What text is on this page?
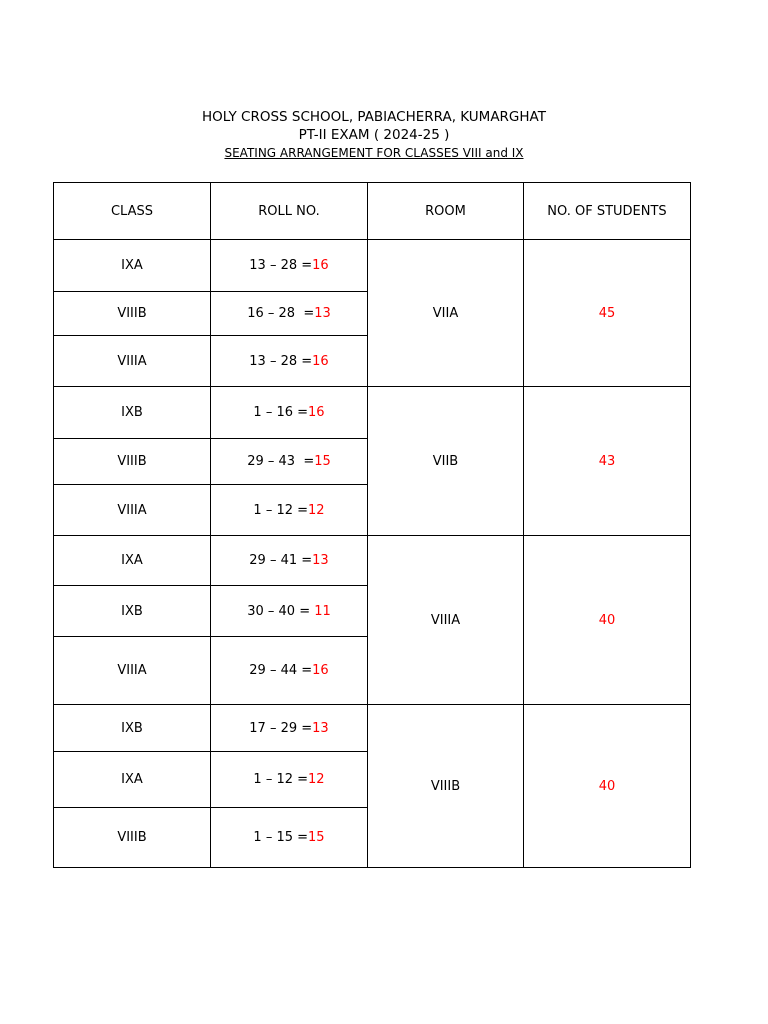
HOLY CROSS SCHOOL, PABIACHERRA, KUMARGHAT
PT-II EXAM ( 2024-25 )
SEATING ARRANGEMENT FOR CLASSES VIII and IX
CLASS	ROLL NO.	ROOM	NO. OF STUDENTS
IXA	13 – 28 =16	VIIA	45
VIIIB	16 – 28  =13		
VIIIA	13 – 28 =16		
IXB	1 – 16 =16	VIIB	43
VIIIB	29 – 43  =15		
VIIIA	1 – 12 =12		
IXA	29 – 41 =13	VIIIA	40
IXB	30 – 40 = 11		
VIIIA	29 – 44 =16		
IXB	17 – 29 =13	VIIIB	40
IXA	1 – 12 =12		
VIIIB	1 – 15 =15		
